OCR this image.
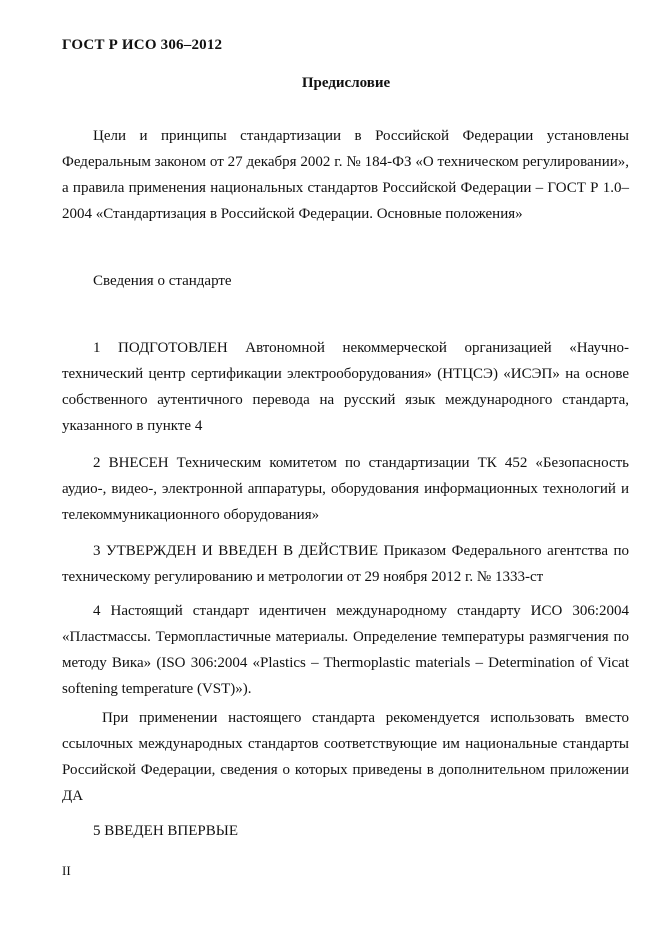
ГОСТ Р ИСО 306–2012
Предисловие
Цели и принципы стандартизации в Российской Федерации установлены Федеральным законом от 27 декабря 2002 г. № 184-ФЗ «О техническом регулировании», а правила применения национальных стандартов Российской Федерации – ГОСТ Р 1.0–2004 «Стандартизация в Российской Федерации. Основные положения»
Сведения о стандарте
1 ПОДГОТОВЛЕН Автономной некоммерческой организацией «Научно-технический центр сертификации электрооборудования» (НТЦСЭ) «ИСЭП» на основе собственного аутентичного перевода на русский язык международного стандарта, указанного в пункте 4
2 ВНЕСЕН Техническим комитетом по стандартизации ТК 452 «Безопасность аудио-, видео-, электронной аппаратуры, оборудования информационных технологий и телекоммуникационного оборудования»
3 УТВЕРЖДЕН И ВВЕДЕН В ДЕЙСТВИЕ Приказом Федерального агентства по техническому регулированию и метрологии от 29 ноября 2012 г. № 1333-ст
4 Настоящий стандарт идентичен международному стандарту ИСО 306:2004 «Пластмассы. Термопластичные материалы. Определение температуры размягчения по методу Вика» (ISO 306:2004 «Plastics – Thermoplastic materials – Determination of Vicat softening temperature (VST)»).
При применении настоящего стандарта рекомендуется использовать вместо ссылочных международных стандартов соответствующие им национальные стандарты Российской Федерации, сведения о которых приведены в дополнительном приложении ДА
5 ВВЕДЕН ВПЕРВЫЕ
II
